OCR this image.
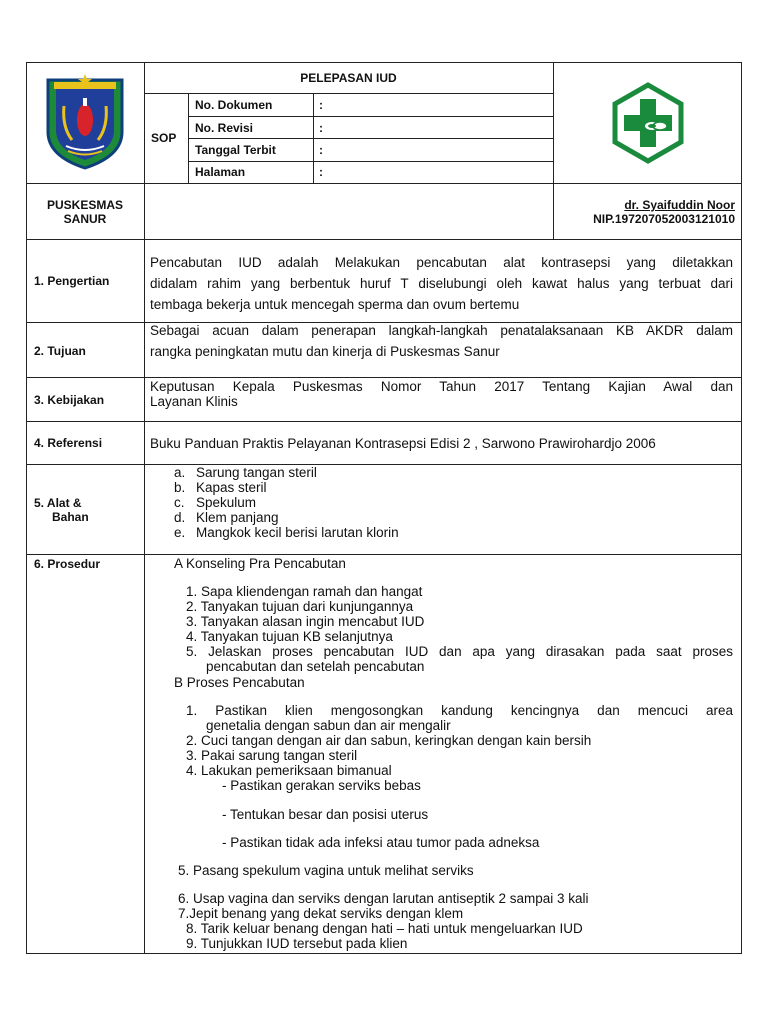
PELEPASAN IUD
SOP
No. Dokumen	:
No. Revisi	:
Tanggal Terbit	:
Halaman	:
PUSKESMAS
SANUR
dr. Syaifuddin Noor
NIP.197207052003121010
1. Pengertian
Pencabutan IUD adalah Melakukan pencabutan alat kontrasepsi yang diletakkan
didalam rahim yang berbentuk huruf T diselubungi oleh kawat halus yang terbuat dari
tembaga bekerja untuk mencegah sperma dan ovum bertemu
2. Tujuan
Sebagai acuan dalam penerapan langkah-langkah penatalaksanaan KB AKDR dalam
rangka peningkatan mutu dan kinerja di Puskesmas Sanur
3. Kebijakan
Keputusan Kepala Puskesmas Nomor Tahun 2017 Tentang Kajian Awal dan
Layanan Klinis
4. Referensi	Buku Panduan Praktis Pelayanan Kontrasepsi Edisi 2 , Sarwono Prawirohardjo 2006
5. Alat &
Bahan
a. Sarung tangan steril
b. Kapas steril
c. Spekulum
d. Klem panjang
e. Mangkok kecil berisi larutan klorin
6. Prosedur	A Konseling Pra Pencabutan
1. Sapa kliendengan ramah dan hangat
2. Tanyakan tujuan dari kunjungannya
3. Tanyakan alasan ingin mencabut IUD
4. Tanyakan tujuan KB selanjutnya
5. Jelaskan proses pencabutan IUD dan apa yang dirasakan pada saat proses
pencabutan dan setelah pencabutan
B Proses Pencabutan
1. Pastikan klien mengosongkan kandung kencingnya dan mencuci area
genetalia dengan sabun dan air mengalir
2. Cuci tangan dengan air dan sabun, keringkan dengan kain bersih
3. Pakai sarung tangan steril
4. Lakukan pemeriksaan bimanual
- Pastikan gerakan serviks bebas
- Tentukan besar dan posisi uterus
- Pastikan tidak ada infeksi atau tumor pada adneksa
5. Pasang spekulum vagina untuk melihat serviks
6. Usap vagina dan serviks dengan larutan antiseptik 2 sampai 3 kali
7.Jepit benang yang dekat serviks dengan klem
8. Tarik keluar benang dengan hati – hati untuk mengeluarkan IUD
9. Tunjukkan IUD tersebut pada klien
